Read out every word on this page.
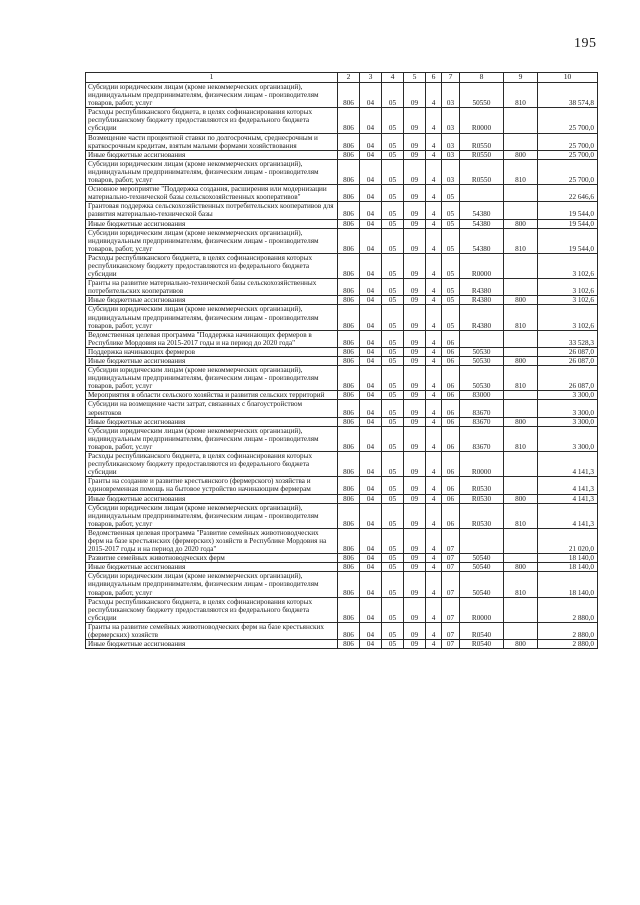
195
1	2	3	4	5	6	7	8	9	10
Субсидии юридическим лицам (кроме некоммерческих организаций), индивидуальным предпринимателям, физическим лицам - производителям товаров, работ, услуг	806	04	05	09	4	03	50550	810	38 574,8
Расходы республиканского бюджета, в целях софинансирования которых республиканскому бюджету предоставляются из федерального бюджета субсидии	806	04	05	09	4	03	R0000		25 700,0
Возмещение части процентной ставки по долгосрочным, среднесрочным и краткосрочным кредитам, взятым малыми формами хозяйствования	806	04	05	09	4	03	R0550		25 700,0
Иные бюджетные ассигнования	806	04	05	09	4	03	R0550	800	25 700,0
Субсидии юридическим лицам (кроме некоммерческих организаций), индивидуальным предпринимателям, физическим лицам - производителям товаров, работ, услуг	806	04	05	09	4	03	R0550	810	25 700,0
Основное мероприятие "Поддержка создания, расширения или модернизации материально-технической базы сельскохозяйственных кооперативов"	806	04	05	09	4	05			22 646,6
Грантовая поддержка сельскохозяйственных потребительских кооперативов для развития материально-технической базы	806	04	05	09	4	05	54380		19 544,0
Иные бюджетные ассигнования	806	04	05	09	4	05	54380	800	19 544,0
Субсидии юридическим лицам (кроме некоммерческих организаций), индивидуальным предпринимателям, физическим лицам - производителям товаров, работ, услуг	806	04	05	09	4	05	54380	810	19 544,0
Расходы республиканского бюджета, в целях софинансирования которых республиканскому бюджету предоставляются из федерального бюджета субсидии	806	04	05	09	4	05	R0000		3 102,6
Гранты на развитие материально-технической базы сельскохозяйственных потребительских кооперативов	806	04	05	09	4	05	R4380		3 102,6
Иные бюджетные ассигнования	806	04	05	09	4	05	R4380	800	3 102,6
Субсидии юридическим лицам (кроме некоммерческих организаций), индивидуальным предпринимателям, физическим лицам - производителям товаров, работ, услуг	806	04	05	09	4	05	R4380	810	3 102,6
Ведомственная целевая программа "Поддержка начинающих фермеров в Республике Мордовия на 2015-2017 годы и на период до 2020 года"	806	04	05	09	4	06			33 528,3
Поддержка начинающих фермеров	806	04	05	09	4	06	50530		26 087,0
Иные бюджетные ассигнования	806	04	05	09	4	06	50530	800	26 087,0
Субсидии юридическим лицам (кроме некоммерческих организаций), индивидуальным предпринимателям, физическим лицам - производителям товаров, работ, услуг	806	04	05	09	4	06	50530	810	26 087,0
Мероприятия в области сельского хозяйства и развития сельских территорий	806	04	05	09	4	06	83000		3 300,0
Субсидии на возмещение части затрат, связанных с благоустройством зерентоков	806	04	05	09	4	06	83670		3 300,0
Иные бюджетные ассигнования	806	04	05	09	4	06	83670	800	3 300,0
Субсидии юридическим лицам (кроме некоммерческих организаций), индивидуальным предпринимателям, физическим лицам - производителям товаров, работ, услуг	806	04	05	09	4	06	83670	810	3 300,0
Расходы республиканского бюджета, в целях софинансирования которых республиканскому бюджету предоставляются из федерального бюджета субсидии	806	04	05	09	4	06	R0000		4 141,3
Гранты на создание и развитие крестьянского (фермерского) хозяйства и единовременная помощь на бытовое устройство начинающим фермерам	806	04	05	09	4	06	R0530		4 141,3
Иные бюджетные ассигнования	806	04	05	09	4	06	R0530	800	4 141,3
Субсидии юридическим лицам (кроме некоммерческих организаций), индивидуальным предпринимателям, физическим лицам - производителям товаров, работ, услуг	806	04	05	09	4	06	R0530	810	4 141,3
Ведомственная целевая программа "Развитие семейных животноводческих ферм на базе крестьянских (фермерских) хозяйств в Республике Мордовия на 2015-2017 годы и на период до 2020 года"	806	04	05	09	4	07			21 020,0
Развитие семейных животноводческих ферм	806	04	05	09	4	07	50540		18 140,0
Иные бюджетные ассигнования	806	04	05	09	4	07	50540	800	18 140,0
Субсидии юридическим лицам (кроме некоммерческих организаций), индивидуальным предпринимателям, физическим лицам - производителям товаров, работ, услуг	806	04	05	09	4	07	50540	810	18 140,0
Расходы республиканского бюджета, в целях софинансирования которых республиканскому бюджету предоставляются из федерального бюджета субсидии	806	04	05	09	4	07	R0000		2 880,0
Гранты на развитие семейных животноводческих ферм на базе крестьянских (фермерских) хозяйств	806	04	05	09	4	07	R0540		2 880,0
Иные бюджетные ассигнования	806	04	05	09	4	07	R0540	800	2 880,0
